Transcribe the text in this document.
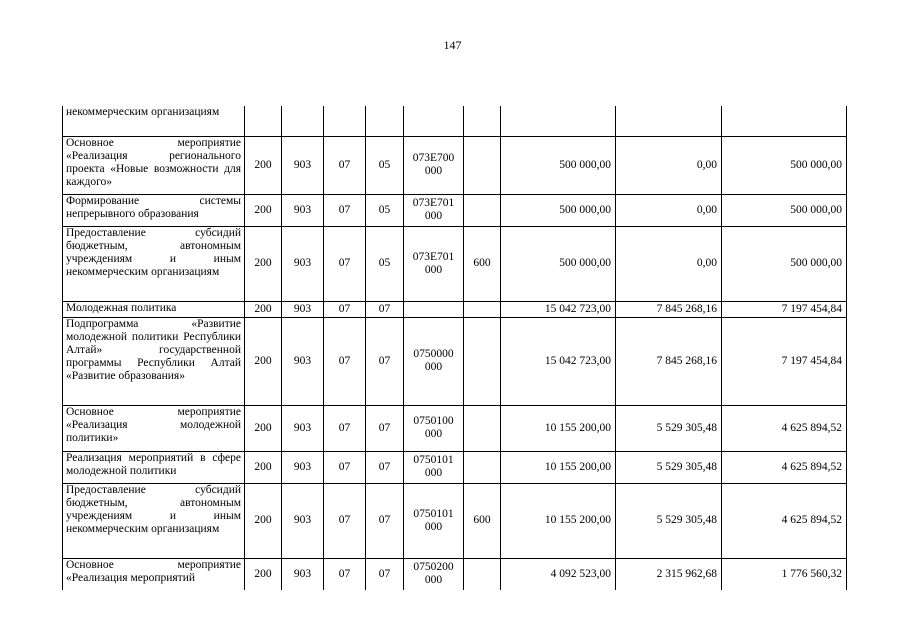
147
некоммерческим организациям									
Основное мероприятие «Реализация регионального проекта «Новые возможности для каждого»	200	903	07	05	073Е700 000		500 000,00	0,00	500 000,00
Формирование системы непрерывного образования	200	903	07	05	073Е701 000		500 000,00	0,00	500 000,00
Предоставление субсидий бюджетным, автономным учреждениям и иным некоммерческим организациям	200	903	07	05	073Е701 000	600	500 000,00	0,00	500 000,00
Молодежная политика	200	903	07	07			15 042 723,00	7 845 268,16	7 197 454,84
Подпрограмма «Развитие молодежной политики Республики Алтай» государственной программы Республики Алтай «Развитие образования»	200	903	07	07	0750000 000		15 042 723,00	7 845 268,16	7 197 454,84
Основное мероприятие «Реализация молодежной политики»	200	903	07	07	0750100 000		10 155 200,00	5 529 305,48	4 625 894,52
Реализация мероприятий в сфере молодежной политики	200	903	07	07	0750101 000		10 155 200,00	5 529 305,48	4 625 894,52
Предоставление субсидий бюджетным, автономным учреждениям и иным некоммерческим организациям	200	903	07	07	0750101 000	600	10 155 200,00	5 529 305,48	4 625 894,52
Основное мероприятие «Реализация мероприятий	200	903	07	07	0750200 000		4 092 523,00	2 315 962,68	1 776 560,32
